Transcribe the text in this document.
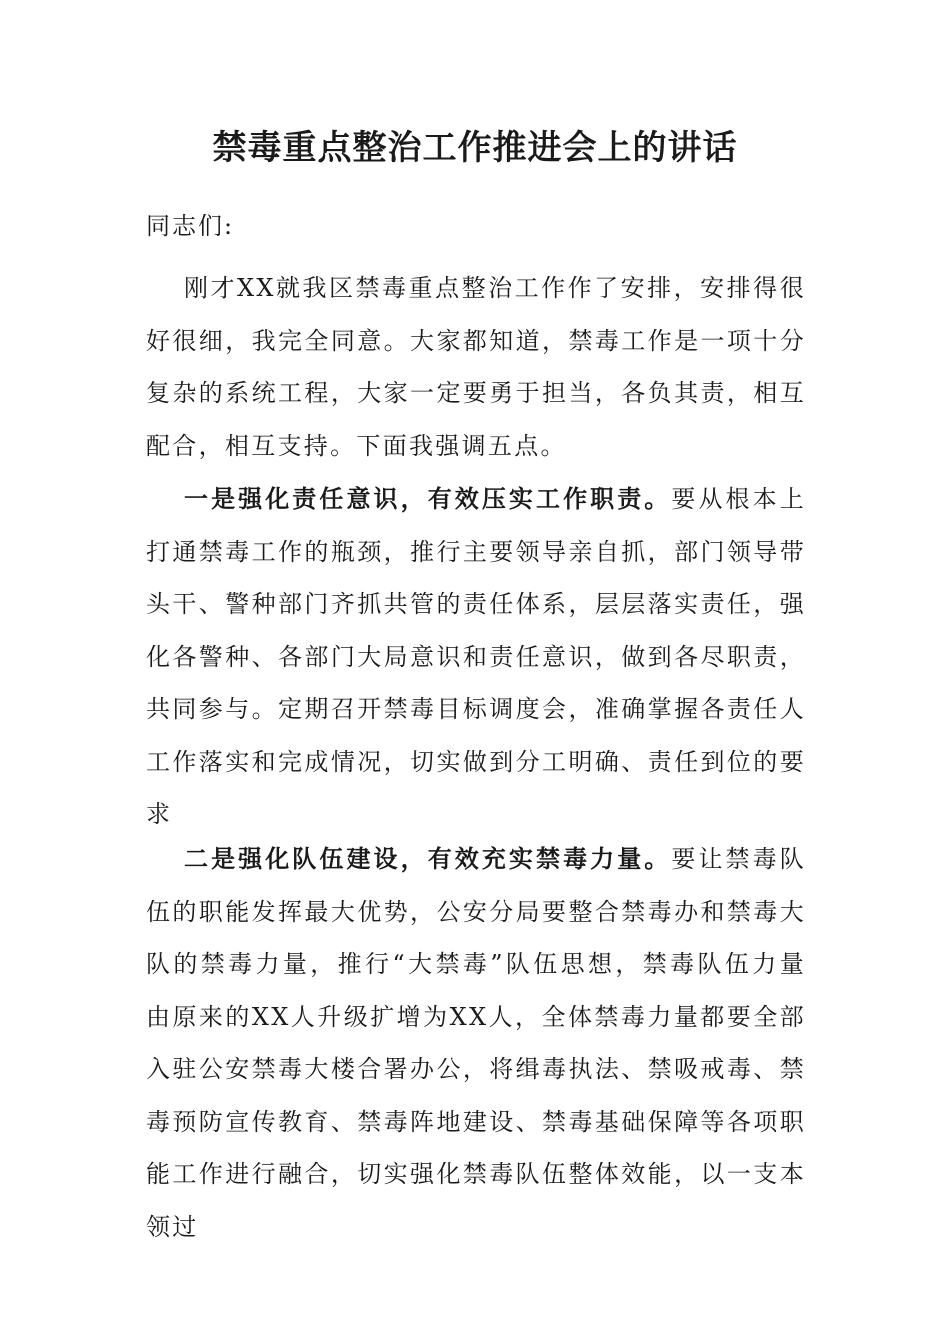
禁毒重点整治工作推进会上的讲话
同志们:

刚才XX就我区禁毒重点整治工作作了安排，安排得很好很细，我完全同意。大家都知道，禁毒工作是一项十分复杂的系统工程，大家一定要勇于担当，各负其责，相互配合，相互支持。下面我强调五点。

一是强化责任意识，有效压实工作职责。要从根本上打通禁毒工作的瓶颈，推行主要领导亲自抓，部门领导带头干、警种部门齐抓共管的责任体系，层层落实责任，强化各警种、各部门大局意识和责任意识，做到各尽职责，共同参与。定期召开禁毒目标调度会，准确掌握各责任人工作落实和完成情况，切实做到分工明确、责任到位的要求

二是强化队伍建设，有效充实禁毒力量。要让禁毒队伍的职能发挥最大优势，公安分局要整合禁毒办和禁毒大队的禁毒力量，推行“大禁毒”队伍思想，禁毒队伍力量由原来的XX人升级扩增为XX人，全体禁毒力量都要全部入驻公安禁毒大楼合署办公，将缉毒执法、禁吸戒毒、禁毒预防宣传教育、禁毒阵地建设、禁毒基础保障等各项职能工作进行融合，切实强化禁毒队伍整体效能，以一支本领过
